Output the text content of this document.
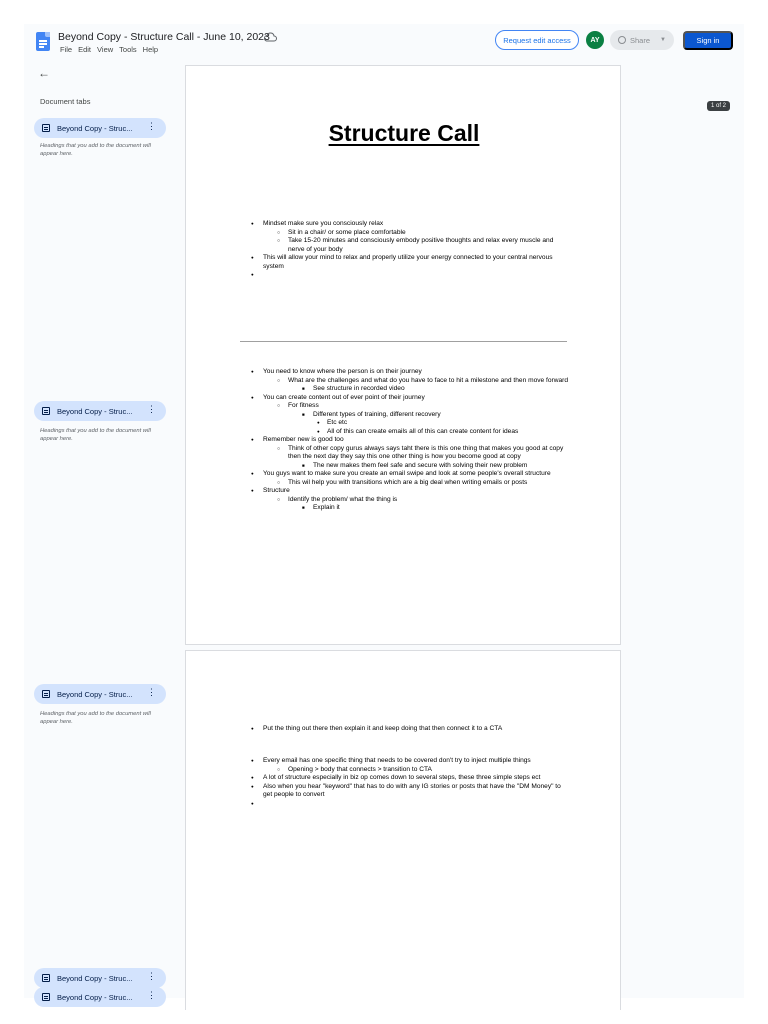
Beyond Copy - Structure Call - June 10, 2023
File Edit View Tools Help
Request edit access	AY	Share ▼	Sign in
←
Document tabs
Beyond Copy - Struc... ⋮
Headings that you add to the document will appear here.
Beyond Copy - Struc... ⋮
Headings that you add to the document will appear here.
Beyond Copy - Struc... ⋮
Headings that you add to the document will appear here.
Beyond Copy - Struc... ⋮
Beyond Copy - Struc... ⋮
1 of 2
Structure Call
● Mindset make sure you consciously relax
○ Sit in a chair/ or some place comfortable
○ Take 15-20 minutes and consciously embody positive thoughts and relax every muscle and nerve of your body
● This will allow your mind to relax and properly utilize your energy connected to your central nervous system
●
● You need to know where the person is on their journey
○ What are the challenges and what do you have to face to hit a milestone and then move forward
■ See structure in recorded video
● You can create content out of ever point of their journey
○ For fitness
■ Different types of training, different recovery
● Etc etc
● All of this can create emails all of this can create content for ideas
● Remember new is good too
○ Think of other copy gurus always says taht there is this one thing that makes you good at copy then the next day they say this one other thing is how you become good at copy
■ The new makes them feel safe and secure with solving their new problem
● You guys want to make sure you create an email swipe and look at some people's overall structure
○ This wil help you with transitions which are a big deal when writing emails or posts
● Structure
○ Identify the problem/ what the thing is
■ Explain it
● Put the thing out there then explain it and keep doing that then connect it to a CTA
● Every email has one specific thing that needs to be covered don't try to inject multiple things
○ Opening > body that connects > transition to CTA
● A lot of structure especially in biz op comes down to several steps, these three simple steps ect
● Also when you hear "keyword" that has to do with any IG stories or posts that have the "DM Money" to get people to convert
●
